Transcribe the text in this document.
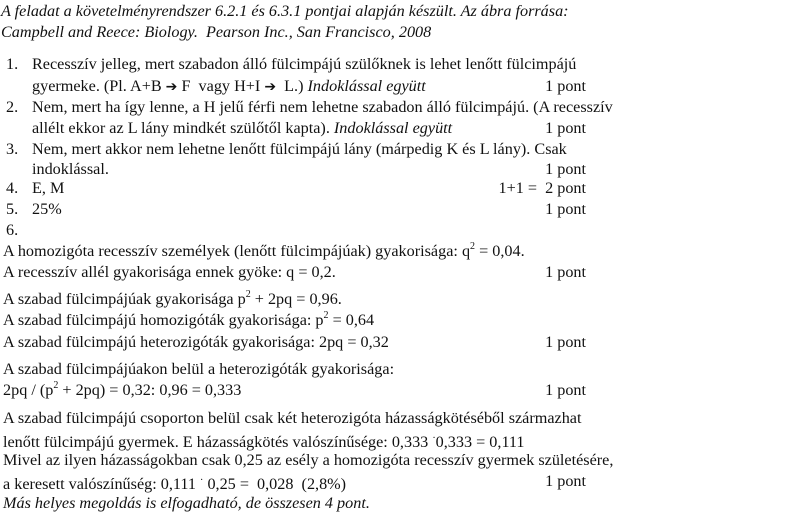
A feladat a követelményrendszer 6.2.1 és 6.3.1 pontjai alapján készült. Az ábra forrása:
Campbell and Reece: Biology.  Pearson Inc., San Francisco, 2008
1. Recesszív jelleg, mert szabadon álló fülcimpájú szülőknek is lehet lenőtt fülcimpájú
gyermeke. (Pl. A+B ➔ F  vagy H+I ➔  L.) Indoklással együtt	1 pont
2. Nem, mert ha így lenne, a H jelű férfi nem lehetne szabadon álló fülcimpájú. (A recesszív
allélt ekkor az L lány mindkét szülőtől kapta). Indoklással együtt	1 pont
3. Nem, mert akkor nem lehetne lenőtt fülcimpájú lány (márpedig K és L lány). Csak
indoklással.	1 pont
4. E, M	1+1 = 2 pont
5. 25%	1 pont
6.
A homozigóta recesszív személyek (lenőtt fülcimpájúak) gyakorisága: $q^2 = 0,04$.
A recesszív allél gyakorisága ennek gyöke: q = 0,2.	1 pont
A szabad fülcimpájúak gyakorisága $p^2 + 2pq = 0,96$.
A szabad fülcimpájú homozigóták gyakorisága: $p^2 = 0,64$
A szabad fülcimpájú heterozigóták gyakorisága: 2pq = 0,32	1 pont
A szabad fülcimpájúakon belül a heterozigóták gyakorisága:
$2pq / (p^2 + 2pq) = 0,32$: 0,96 = 0,333	1 pont
A szabad fülcimpájú csoporton belül csak két heterozigóta házasságkötéséből származhat
lenőtt fülcimpájú gyermek. E házasságkötés valószínűsége: 0,333 ·0,333 = 0,111
Mivel az ilyen házasságokban csak 0,25 az esély a homozigóta recesszív gyermek születésére,
a keresett valószínűség: 0,111 · 0,25 =  0,028  (2,8%)	1 pont
Más helyes megoldás is elfogadható, de összesen 4 pont.
